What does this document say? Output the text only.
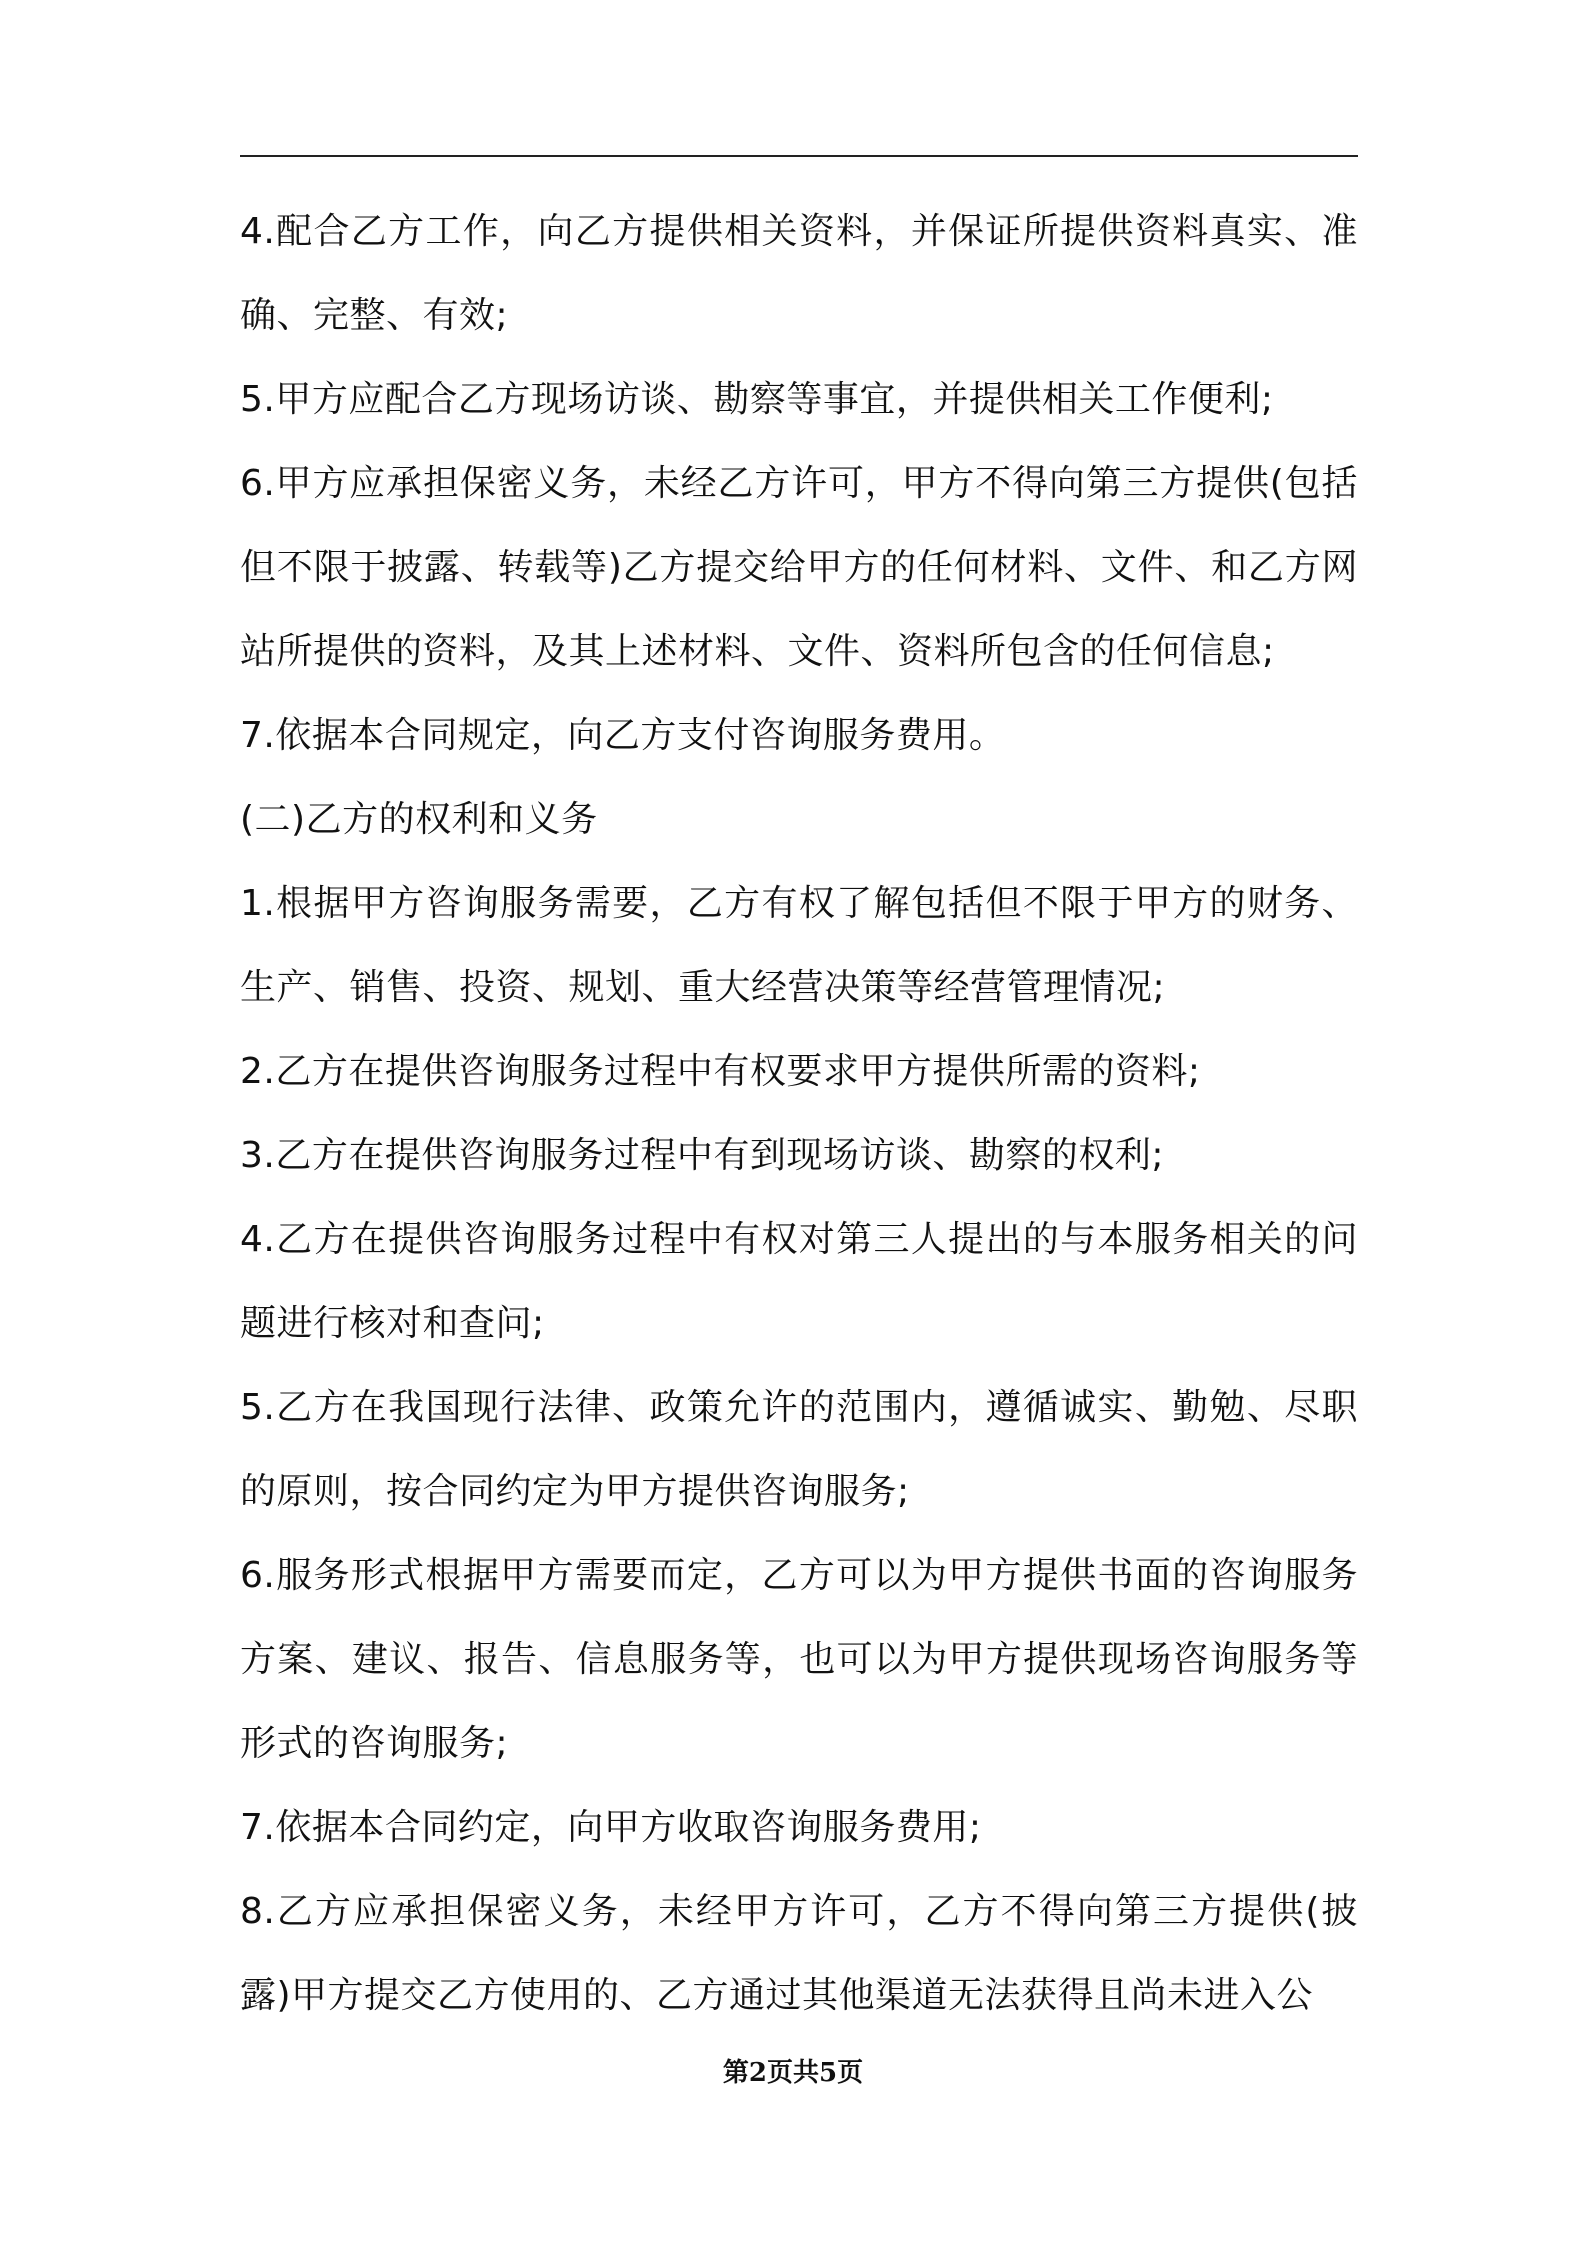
4.配合乙方工作，向乙方提供相关资料，并保证所提供资料真实、准确、完整、有效;

5.甲方应配合乙方现场访谈、勘察等事宜，并提供相关工作便利;

6.甲方应承担保密义务，未经乙方许可，甲方不得向第三方提供(包括但不限于披露、转载等)乙方提交给甲方的任何材料、文件、和乙方网站所提供的资料，及其上述材料、文件、资料所包含的任何信息;

7.依据本合同规定，向乙方支付咨询服务费用。

(二)乙方的权利和义务

1.根据甲方咨询服务需要，乙方有权了解包括但不限于甲方的财务、生产、销售、投资、规划、重大经营决策等经营管理情况;

2.乙方在提供咨询服务过程中有权要求甲方提供所需的资料;

3.乙方在提供咨询服务过程中有到现场访谈、勘察的权利;

4.乙方在提供咨询服务过程中有权对第三人提出的与本服务相关的问题进行核对和查问;

5.乙方在我国现行法律、政策允许的范围内，遵循诚实、勤勉、尽职的原则，按合同约定为甲方提供咨询服务;

6.服务形式根据甲方需要而定，乙方可以为甲方提供书面的咨询服务方案、建议、报告、信息服务等，也可以为甲方提供现场咨询服务等形式的咨询服务;

7.依据本合同约定，向甲方收取咨询服务费用;

8.乙方应承担保密义务，未经甲方许可，乙方不得向第三方提供(披露)甲方提交乙方使用的、乙方通过其他渠道无法获得且尚未进入公

第2页共5页
